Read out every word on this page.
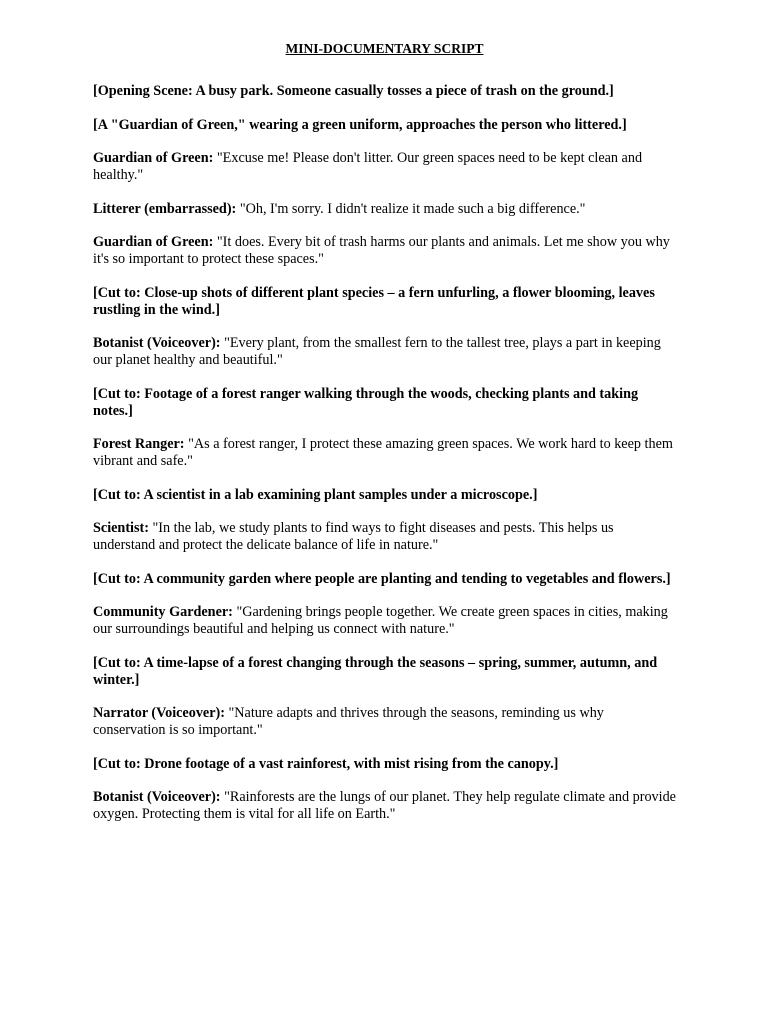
MINI-DOCUMENTARY SCRIPT

[Opening Scene: A busy park. Someone casually tosses a piece of trash on the ground.]

[A "Guardian of Green," wearing a green uniform, approaches the person who littered.]

Guardian of Green: "Excuse me! Please don't litter. Our green spaces need to be kept clean and healthy."

Litterer (embarrassed): "Oh, I'm sorry. I didn't realize it made such a big difference."

Guardian of Green: "It does. Every bit of trash harms our plants and animals. Let me show you why it's so important to protect these spaces."

[Cut to: Close-up shots of different plant species – a fern unfurling, a flower blooming, leaves rustling in the wind.]

Botanist (Voiceover): "Every plant, from the smallest fern to the tallest tree, plays a part in keeping our planet healthy and beautiful."

[Cut to: Footage of a forest ranger walking through the woods, checking plants and taking notes.]

Forest Ranger: "As a forest ranger, I protect these amazing green spaces. We work hard to keep them vibrant and safe."

[Cut to: A scientist in a lab examining plant samples under a microscope.]

Scientist: "In the lab, we study plants to find ways to fight diseases and pests. This helps us understand and protect the delicate balance of life in nature."

[Cut to: A community garden where people are planting and tending to vegetables and flowers.]

Community Gardener: "Gardening brings people together. We create green spaces in cities, making our surroundings beautiful and helping us connect with nature."

[Cut to: A time-lapse of a forest changing through the seasons – spring, summer, autumn, and winter.]

Narrator (Voiceover): "Nature adapts and thrives through the seasons, reminding us why conservation is so important."

[Cut to: Drone footage of a vast rainforest, with mist rising from the canopy.]

Botanist (Voiceover): "Rainforests are the lungs of our planet. They help regulate climate and provide oxygen. Protecting them is vital for all life on Earth."
